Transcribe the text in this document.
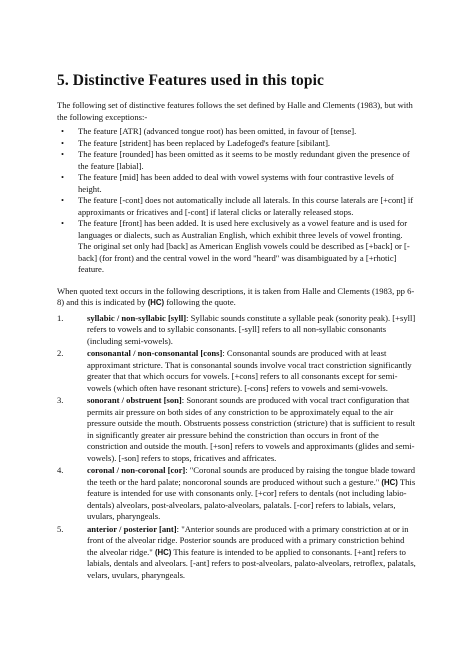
5. Distinctive Features used in this topic

The following set of distinctive features follows the set defined by Halle and Clements (1983), but with the following exceptions:-

• The feature [ATR] (advanced tongue root) has been omitted, in favour of [tense].
• The feature [strident] has been replaced by Ladefoged's feature [sibilant].
• The feature [rounded] has been omitted as it seems to be mostly redundant given the presence of the feature [labial].
• The feature [mid] has been added to deal with vowel systems with four contrastive levels of height.
• The feature [-cont] does not automatically include all laterals. In this course laterals are [+cont] if approximants or fricatives and [-cont] if lateral clicks or laterally released stops.
• The feature [front] has been added. It is used here exclusively as a vowel feature and is used for languages or dialects, such as Australian English, which exhibit three levels of vowel fronting. The original set only had [back] as American English vowels could be described as [+back] or [-back] (for front) and the central vowel in the word "heard" was disambiguated by a [+rhotic] feature.

When quoted text occurs in the following descriptions, it is taken from Halle and Clements (1983, pp 6-8) and this is indicated by (HC) following the quote.

1.	syllabic / non-syllabic [syll]: Syllabic sounds constitute a syllable peak (sonority peak). [+syll] refers to vowels and to syllabic consonants. [-syll] refers to all non-syllabic consonants (including semi-vowels).
2.	consonantal / non-consonantal [cons]: Consonantal sounds are produced with at least approximant stricture. That is consonantal sounds involve vocal tract constriction significantly greater that that which occurs for vowels. [+cons] refers to all consonants except for semi-vowels (which often have resonant stricture). [-cons] refers to vowels and semi-vowels.
3.	sonorant / obstruent [son]: Sonorant sounds are produced with vocal tract configuration that permits air pressure on both sides of any constriction to be approximately equal to the air pressure outside the mouth. Obstruents possess constriction (stricture) that is sufficient to result in significantly greater air pressure behind the constriction than occurs in front of the constriction and outside the mouth. [+son] refers to vowels and approximants (glides and semi-vowels). [-son] refers to stops, fricatives and affricates.
4.	coronal / non-coronal [cor]: "Coronal sounds are produced by raising the tongue blade toward the teeth or the hard palate; noncoronal sounds are produced without such a gesture." (HC) This feature is intended for use with consonants only. [+cor] refers to dentals (not including labio-dentals) alveolars, post-alveolars, palato-alveolars, palatals. [-cor] refers to labials, velars, uvulars, pharyngeals.
5.	anterior / posterior [ant]: "Anterior sounds are produced with a primary constriction at or in front of the alveolar ridge. Posterior sounds are produced with a primary constriction behind the alveolar ridge." (HC) This feature is intended to be applied to consonants. [+ant] refers to labials, dentals and alveolars. [-ant] refers to post-alveolars, palato-alveolars, retroflex, palatals, velars, uvulars, pharyngeals.
